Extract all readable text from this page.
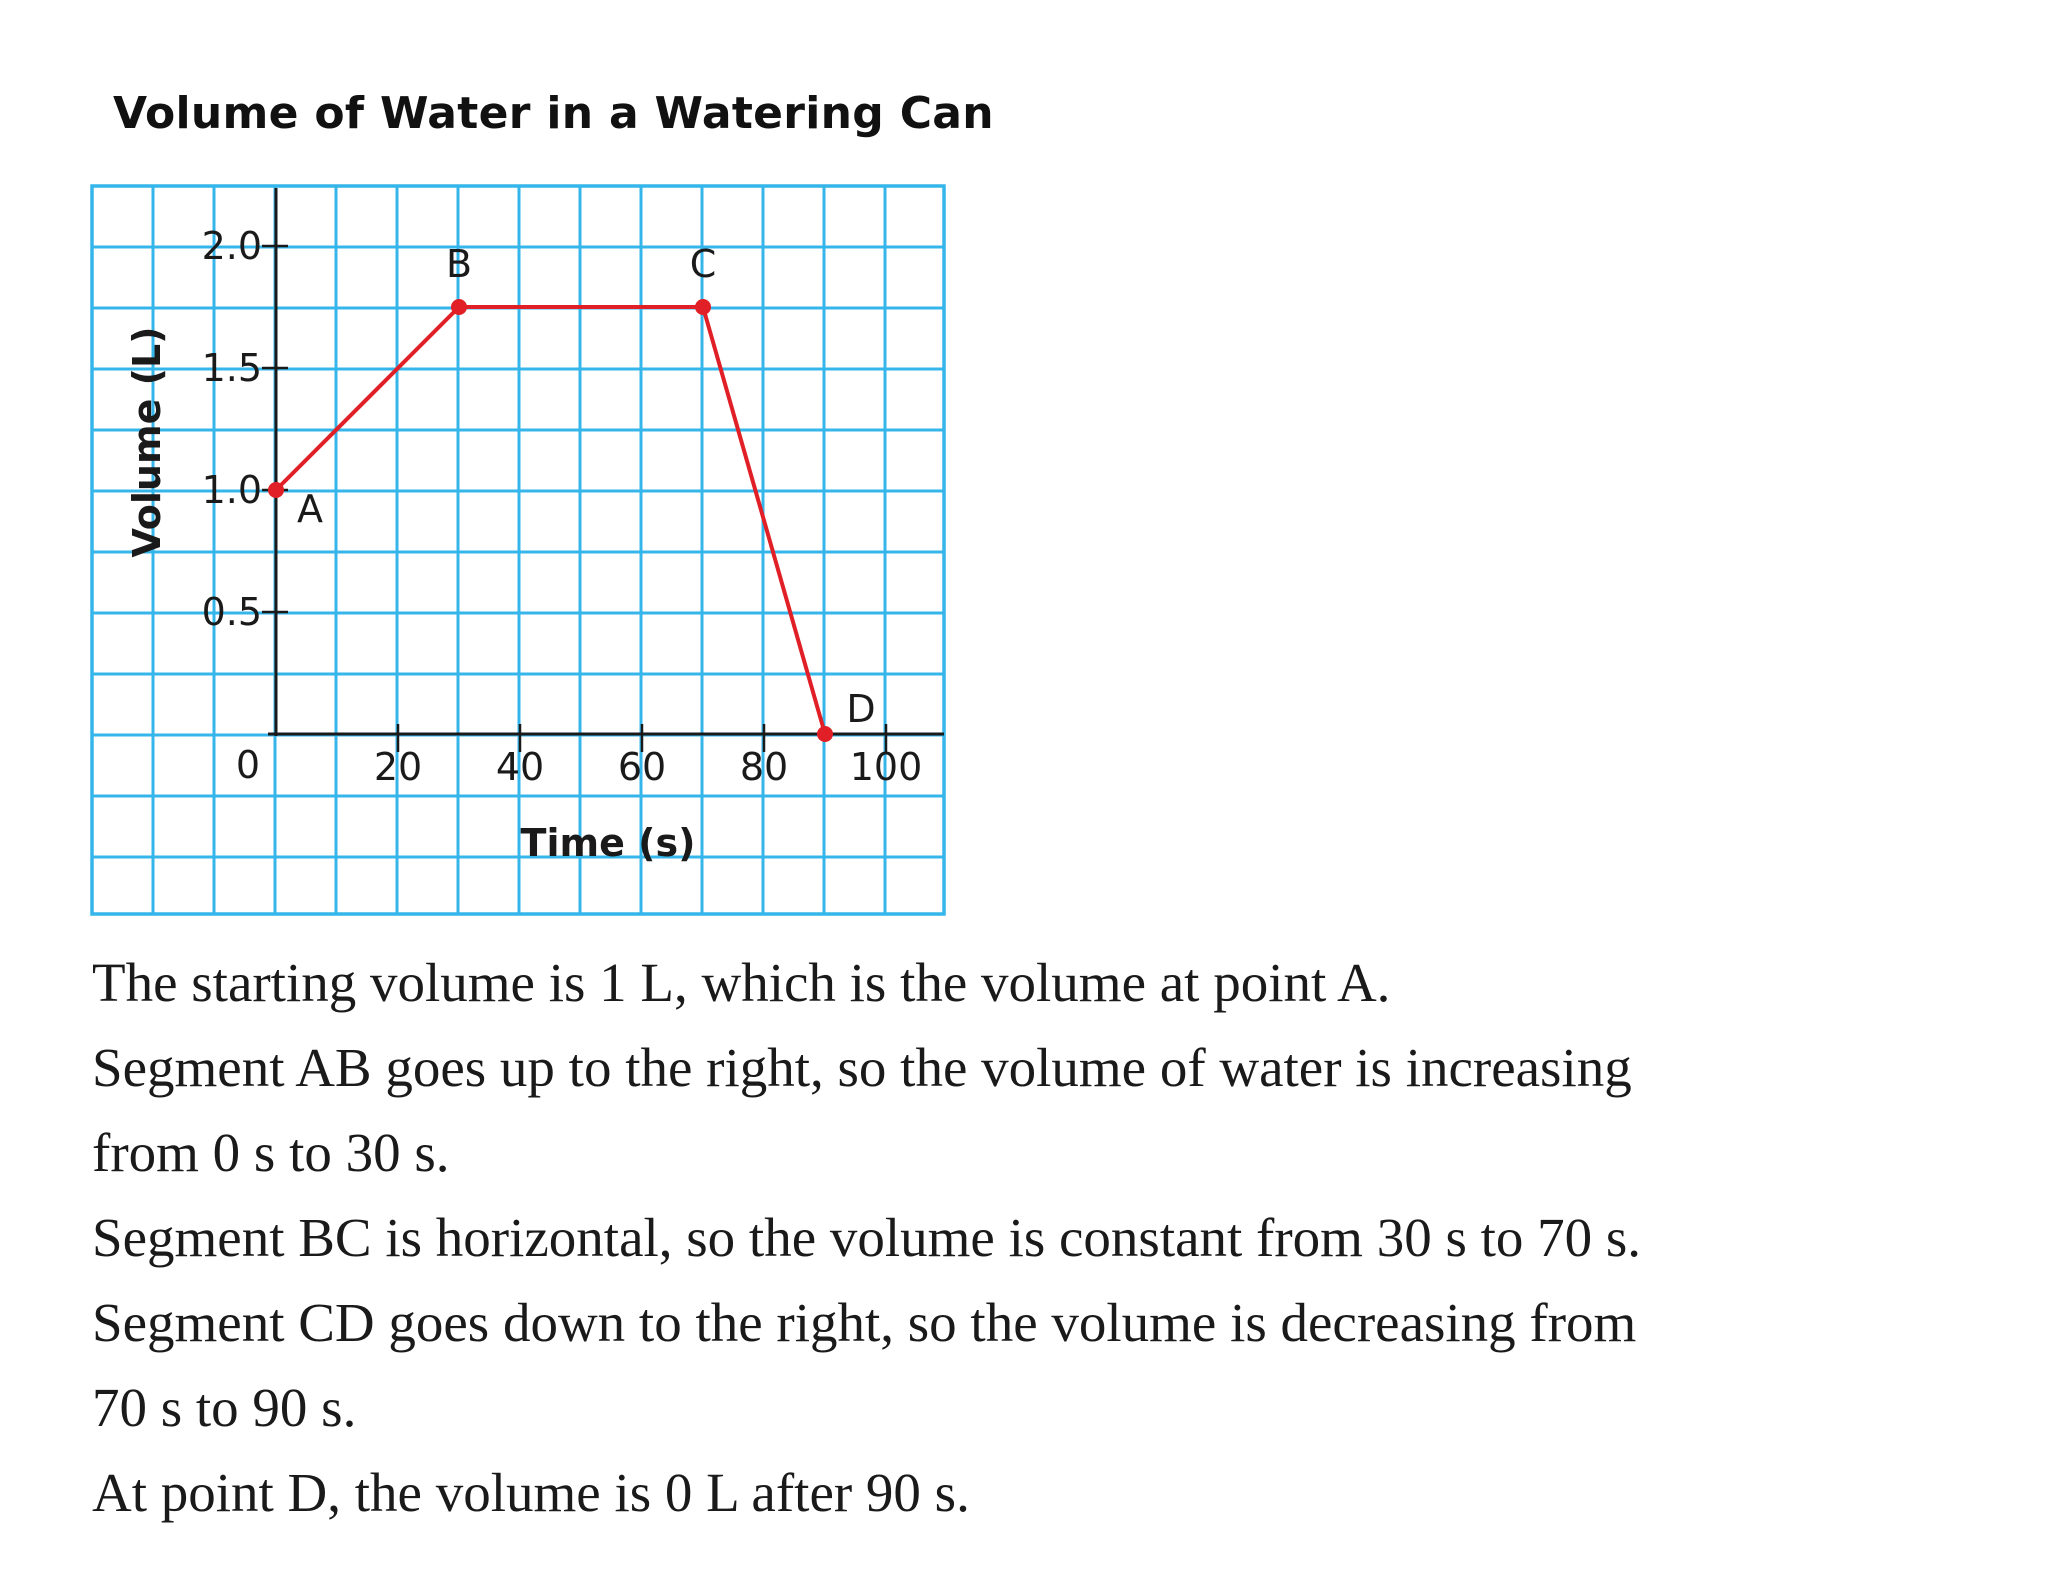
Volume of Water in a Watering Can
20 40 60 80 100
0.5
1.0
1.5
2.0
A
B	C
D
0
Time (s)
Volume (L)

The starting volume is 1 L, which is the volume at point A.

Segment AB goes up to the right, so the volume of water is increasing

from 0 s to 30 s.

Segment BC is horizontal, so the volume is constant from 30 s to 70 s.

Segment CD goes down to the right, so the volume is decreasing from

70 s to 90 s.

At point D, the volume is 0 L after 90 s.
